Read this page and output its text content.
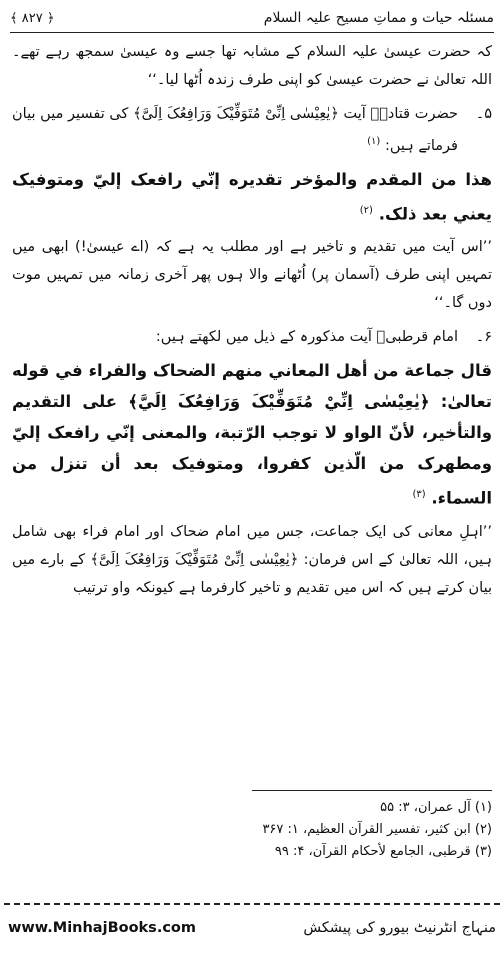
مسئلہ حیات و مماتِ مسیح علیہ السلام
﴿ ۸۲۷ ﴾

کہ حضرت عیسیٰ علیہ السلام کے مشابہ تھا جسے وہ عیسیٰ سمجھ رہے تھے۔ اللہ تعالیٰ نے حضرت عیسیٰ کو اپنی طرف زندہ اُٹھا لیا۔‘‘

۵۔

حضرت قتادہؒ آیت ﴿یٰعِیْسٰی اِنِّیْ مُتَوَفِّیْکَ وَرَافِعُکَ اِلَیَّ﴾ کی تفسیر میں بیان فرماتے ہیں: $^{(۱)}$

هذا من المقدم والمؤخر تقديره إنّي رافعک إليّ ومتوفيک يعني بعد ذلک. $^{(۲)}$

’’اس آیت میں تقدیم و تاخیر ہے اور مطلب یہ ہے کہ (اے عیسیٰ!) ابھی میں تمہیں اپنی طرف (آسمان پر) اُٹھانے والا ہوں پھر آخری زمانہ میں تمہیں موت دوں گا۔‘‘

۶۔

امام قرطبیؒ آیت مذکورہ کے ذیل میں لکھتے ہیں:

قال جماعة من أهل المعاني منهم الضحاک والفراء في قوله تعالىٰ: ﴿يٰعِيْسٰى اِنِّيْ مُتَوَفِّيْکَ وَرَافِعُکَ اِلَيَّ﴾ على التقديم والتأخير، لأنّ الواو لا توجب الرّتبة، والمعنى إنّي رافعک إليّ ومطهرک من الّذين کفروا، ومتوفيک بعد أن تنزل من السماء. $^{(۳)}$

’’اہلِ معانی کی ایک جماعت، جس میں امام ضحاک اور امام فراء بھی شامل ہیں، اللہ تعالیٰ کے اس فرمان: ﴿یٰعِیْسٰی اِنِّیْ مُتَوَفِّیْکَ وَرَافِعُکَ اِلَیَّ﴾ کے بارے میں بیان کرتے ہیں کہ اس میں تقدیم و تاخیر کارفرما ہے کیونکہ واو ترتیب

(۱) آل عمران، ۳: ۵۵
(۲) ابن کثیر، تفسیر القرآن العظیم، ۱: ۳۶۷
(۳) قرطبی، الجامع لأحکام القرآن، ۴: ۹۹
www.MinhajBooks.com	منہاج انٹرنیٹ بیورو کی پیشکش
